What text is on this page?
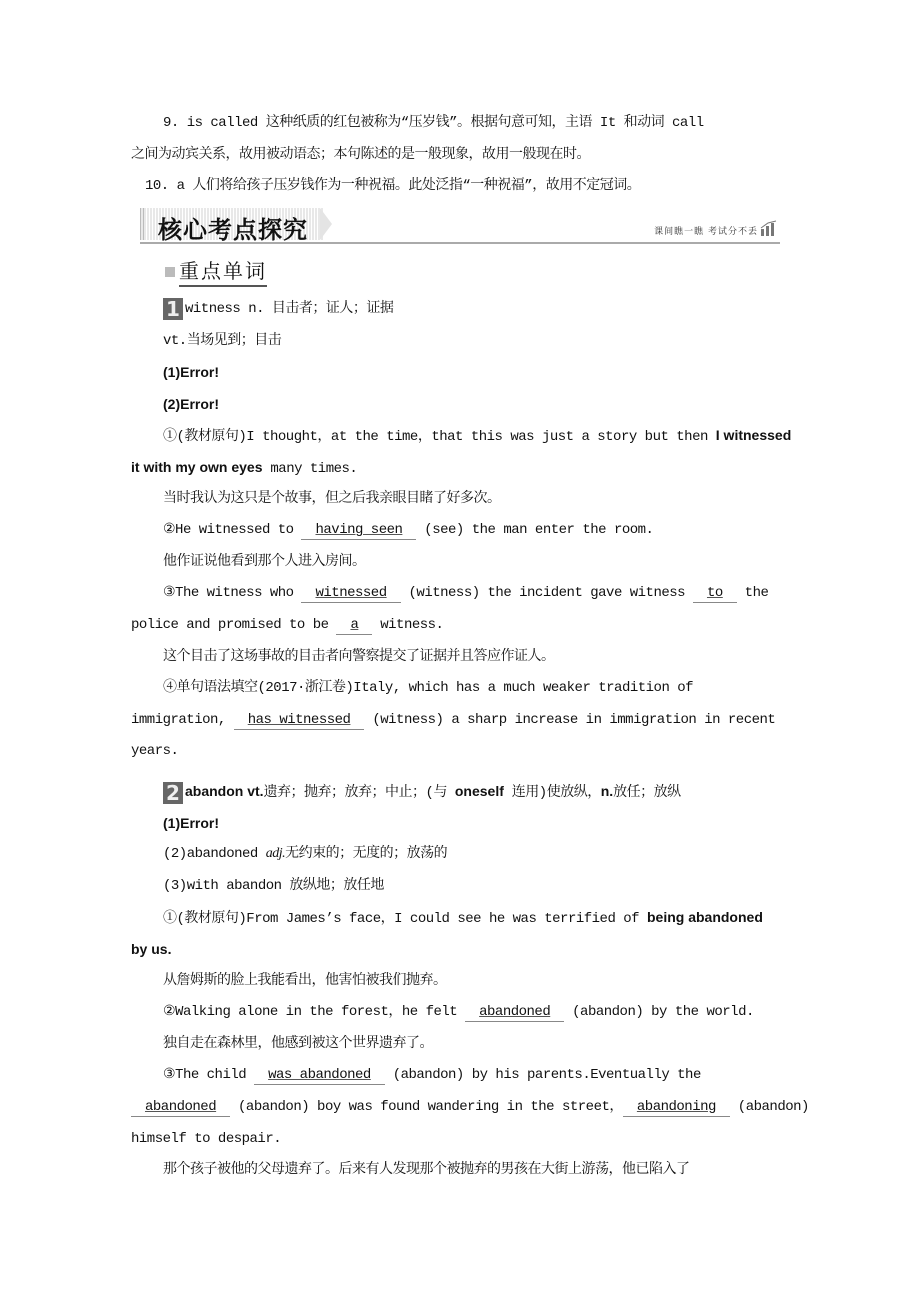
核心考点探究	课间瞧一瞧 考试分不丢
重点单词
9. is called 这种纸质的红包被称为“压岁钱”。根据句意可知，主语 It 和动词 call
之间为动宾关系，故用被动语态；本句陈述的是一般现象，故用一般现在时。
10. a 人们将给孩子压岁钱作为一种祝福。此处泛指“一种祝福”，故用不定冠词。
1 witness n. 目击者；证人；证据
vt.当场见到；目击
(1)Error!
(2)Error!
①(教材原句)I thought，at the time，that this was just a story but then I witnessed
it with my own eyes many times.
当时我认为这只是个故事，但之后我亲眼目睹了好多次。
②He witnessed to having seen (see) the man enter the room.
他作证说他看到那个人进入房间。
③The witness who witnessed (witness) the incident gave witness to the
police and promised to be a witness.
这个目击了这场事故的目击者向警察提交了证据并且答应作证人。
④单句语法填空(2017·浙江卷)Italy, which has a much weaker tradition of
immigration, has witnessed (witness) a sharp increase in immigration in recent
years.
2 abandon vt.遗弃；抛弃；放弃；中止；(与 oneself 连用)使放纵，n.放任；放纵
(1)Error!
(2)abandoned adj.无约束的；无度的；放荡的
(3)with abandon 放纵地；放任地
①(教材原句)From James’s face，I could see he was terrified of being abandoned
by us.
从詹姆斯的脸上我能看出，他害怕被我们抛弃。
②Walking alone in the forest，he felt abandoned (abandon) by the world.
独自走在森林里，他感到被这个世界遗弃了。
③The child was abandoned (abandon) by his parents.Eventually the
abandoned (abandon) boy was found wandering in the street， abandoning (abandon)
himself to despair.
那个孩子被他的父母遗弃了。后来有人发现那个被抛弃的男孩在大街上游荡，他已陷入了
